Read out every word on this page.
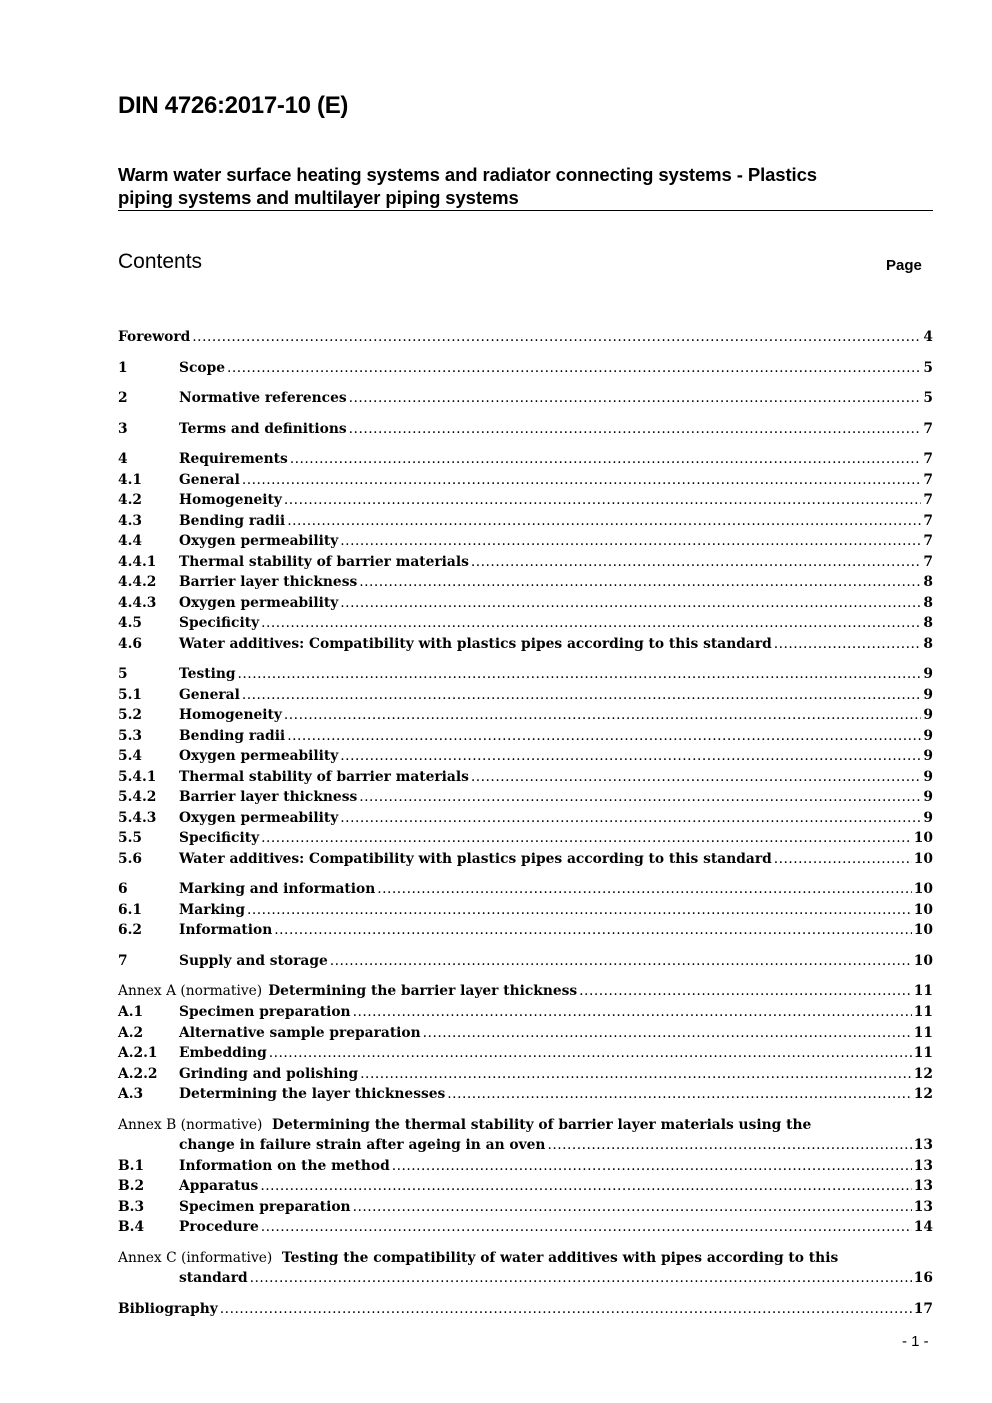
DIN 4726:2017-10 (E)
Warm water surface heating systems and radiator connecting systems - Plastics
piping systems and multilayer piping systems
Contents	Page
Foreword .....	4
1	Scope .....	5
2	Normative references .....	5
3	Terms and definitions .....	7
4	Requirements .....	7
4.1	General .....	7
4.2	Homogeneity .....	7
4.3	Bending radii .....	7
4.4	Oxygen permeability .....	7
4.4.1 Thermal stability of barrier materials .....	7
4.4.2 Barrier layer thickness .....	8
4.4.3 Oxygen permeability .....	8
4.5	Specificity .....	8
4.6	Water additives: Compatibility with plastics pipes according to this standard .....	8
5	Testing .....	9
5.1	General .....	9
5.2	Homogeneity .....	9
5.3	Bending radii .....	9
5.4	Oxygen permeability .....	9
5.4.1 Thermal stability of barrier materials .....	9
5.4.2 Barrier layer thickness .....	9
5.4.3 Oxygen permeability .....	9
5.5	Specificity .....	10
5.6	Water additives: Compatibility with plastics pipes according to this standard .....	10
6	Marking and information .....	10
6.1	Marking .....	10
6.2	Information .....	10
7	Supply and storage .....	10
Annex A (normative) Determining the barrier layer thickness .....	11
A.1	Specimen preparation .....	11
A.2	Alternative sample preparation .....	11
A.2.1 Embedding .....	11
A.2.2 Grinding and polishing .....	12
A.3	Determining the layer thicknesses .....	12
Annex B (normative) Determining the thermal stability of barrier layer materials using the
change in failure strain after ageing in an oven .....	13
B.1	Information on the method .....	13
B.2	Apparatus .....	13
B.3	Specimen preparation .....	13
B.4	Procedure .....	14
Annex C (informative) Testing the compatibility of water additives with pipes according to this
standard .....	16
Bibliography .....	17
- 1 -
